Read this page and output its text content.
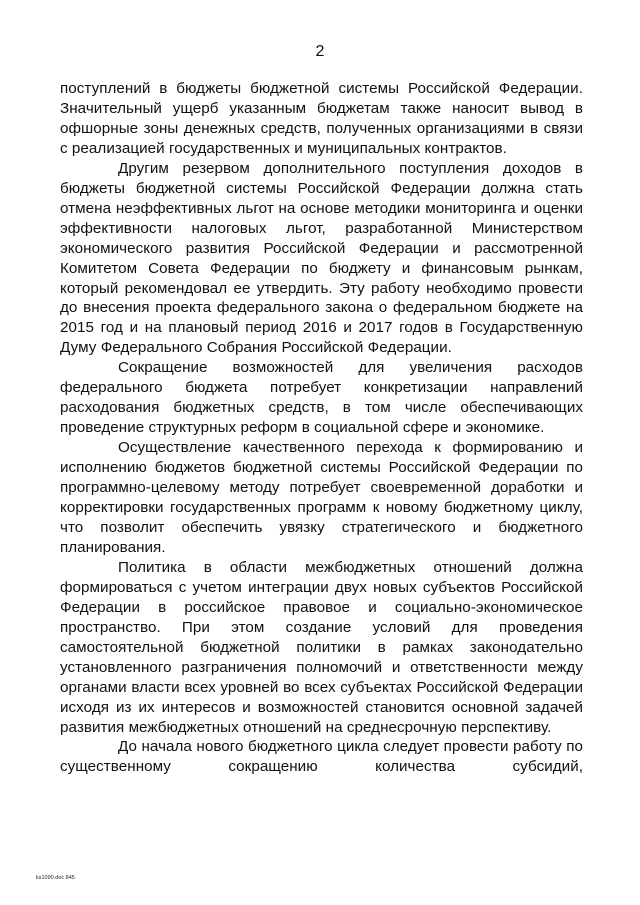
2

поступлений в бюджеты бюджетной системы Российской Федерации. Значительный ущерб указанным бюджетам также наносит вывод в офшорные зоны денежных средств, полученных организациями в связи с реализацией государственных и муниципальных контрактов.

Другим резервом дополнительного поступления доходов в бюджеты бюджетной системы Российской Федерации должна стать отмена неэффективных льгот на основе методики мониторинга и оценки эффективности налоговых льгот, разработанной Министерством экономического развития Российской Федерации и рассмотренной Комитетом Совета Федерации по бюджету и финансовым рынкам, который рекомендовал ее утвердить. Эту работу необходимо провести до внесения проекта федерального закона о федеральном бюджете на 2015 год и на плановый период 2016 и 2017 годов в Государственную Думу Федерального Собрания Российской Федерации.

Сокращение возможностей для увеличения расходов федерального бюджета потребует конкретизации направлений расходования бюджетных средств, в том числе обеспечивающих проведение структурных реформ в социальной сфере и экономике.

Осуществление качественного перехода к формированию и исполнению бюджетов бюджетной системы Российской Федерации по программно-целевому методу потребует своевременной доработки и корректировки государственных программ к новому бюджетному циклу, что позволит обеспечить увязку стратегического и бюджетного планирования.

Политика в области межбюджетных отношений должна формироваться с учетом интеграции двух новых субъектов Российской Федерации в российское правовое и социально-экономическое пространство. При этом создание условий для проведения самостоятельной бюджетной политики в рамках законодательно установленного разграничения полномочий и ответственности между органами власти всех уровней во всех субъектах Российской Федерации исходя из их интересов и возможностей становится основной задачей развития межбюджетных отношений на среднесрочную перспективу.

До начала нового бюджетного цикла следует провести работу по существенному сокращению количества субсидий,

ks1090.doc 845
